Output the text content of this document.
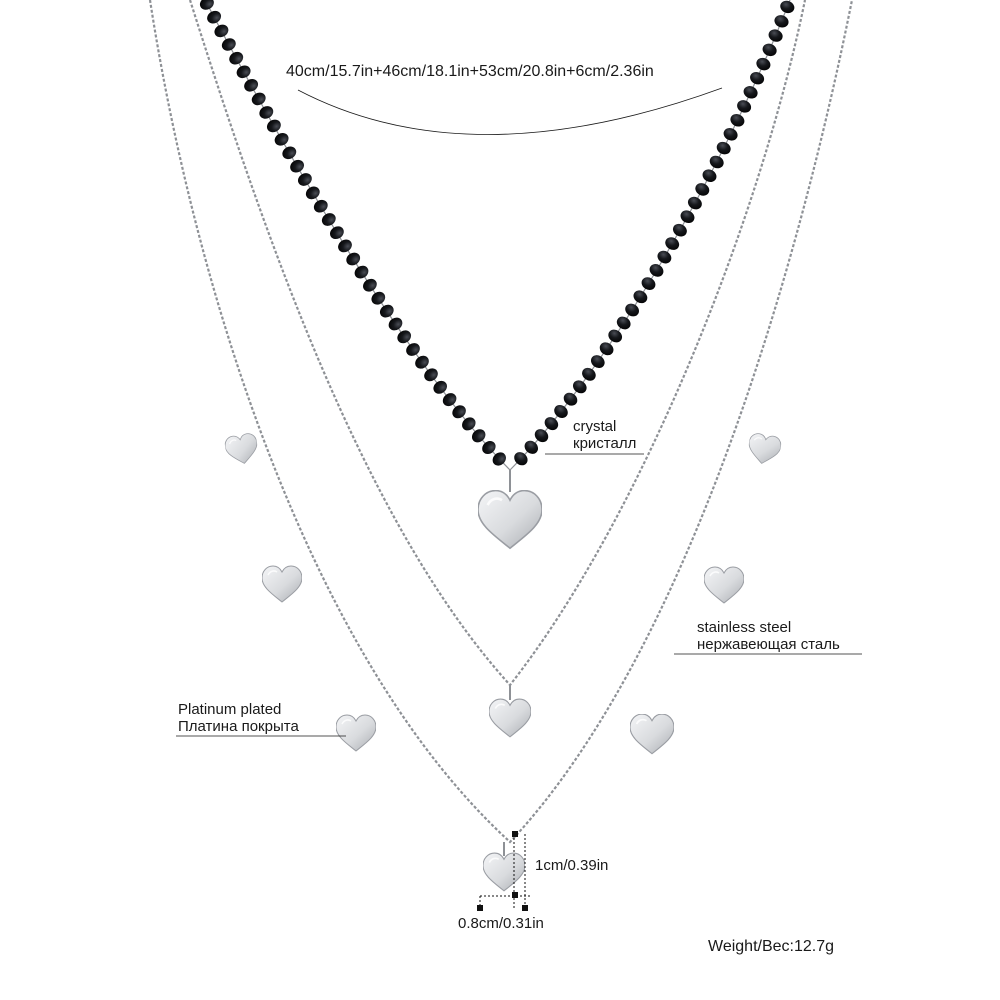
40cm/15.7in+46cm/18.1in+53cm/20.8in+6cm/2.36in
crystal
кристалл
stainless steel
нержавеющая сталь
Platinum plated
Платина покрыта
1cm/0.39in
0.8cm/0.31in
Weight/Bec:12.7g
